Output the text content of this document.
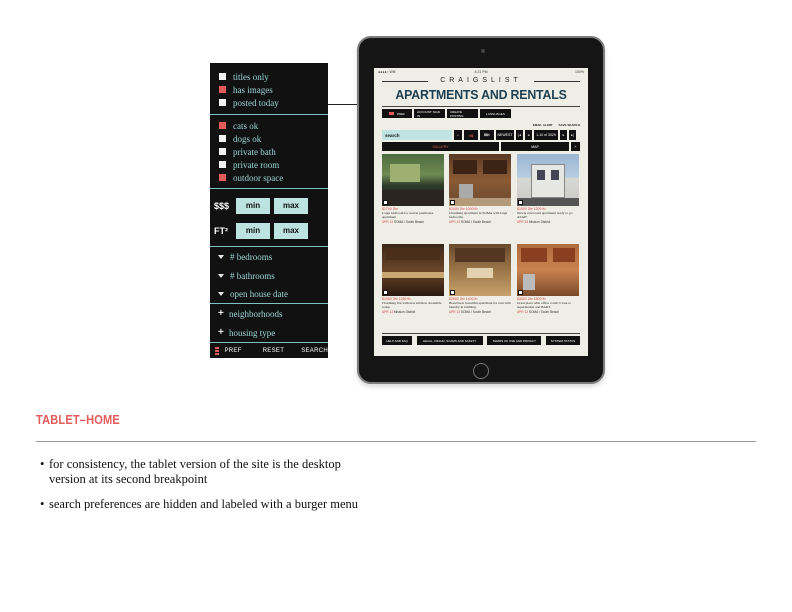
titles only
has images
posted today
cats ok
dogs ok
private bath
private room
outdoor space
$$$	min	max
FT²	min	max
# bedrooms
# bathrooms
open house date
+ neighborhoods
+ housing type
PREF	RESET	SEARCH
●●●●○ Wiﬁ	4:21 PM	100%
CRAIGSLIST
APARTMENTS AND RENTALS
PREF	ACCOUNT SIGN IN
CREATE POSTING	LANGUAGES
EMAIL ALERT SAVE SEARCH
search	⌕	<$	$$<	NEWEST	|◂	◂	1-10 of 3029	▸	▸|
GALLERY	MAP	+
$1700 2br
Large bedroom for rent in penthouse apartment
APR 13 SOMA / South Beach
$2400 2br 1000 ft²
Charming apartment in SOMA with large bedrooms.
APR 13 SOMA / South Beach
$1900 2br 1200 ft²
Newly renovated apartment ready to go ASAP!
APR 13 Mission District
$1950 2br 1250 ft²
Charming flat with new kitchen. Available today.
APR 13 Mission District
$2800 2br 1400 ft²
Brand new beautiful apartment for rent with laundry in building.
APR 13 SOMA / South Beach
$3000 2br 1600 ft²
Great place with office room! Close to supermarket and BART.
APR 13 SOMA / South Beach
HELP AND FAQ	LEGAL, FRAUD, SCAMS AND SAFETY	TERMS OF USE AND PRIVACY	SYSTEM STATUS
TABLET–HOME
• for consistency, the tablet version of the site is the desktop version at its second breakpoint
• search preferences are hidden and labeled with a burger menu
